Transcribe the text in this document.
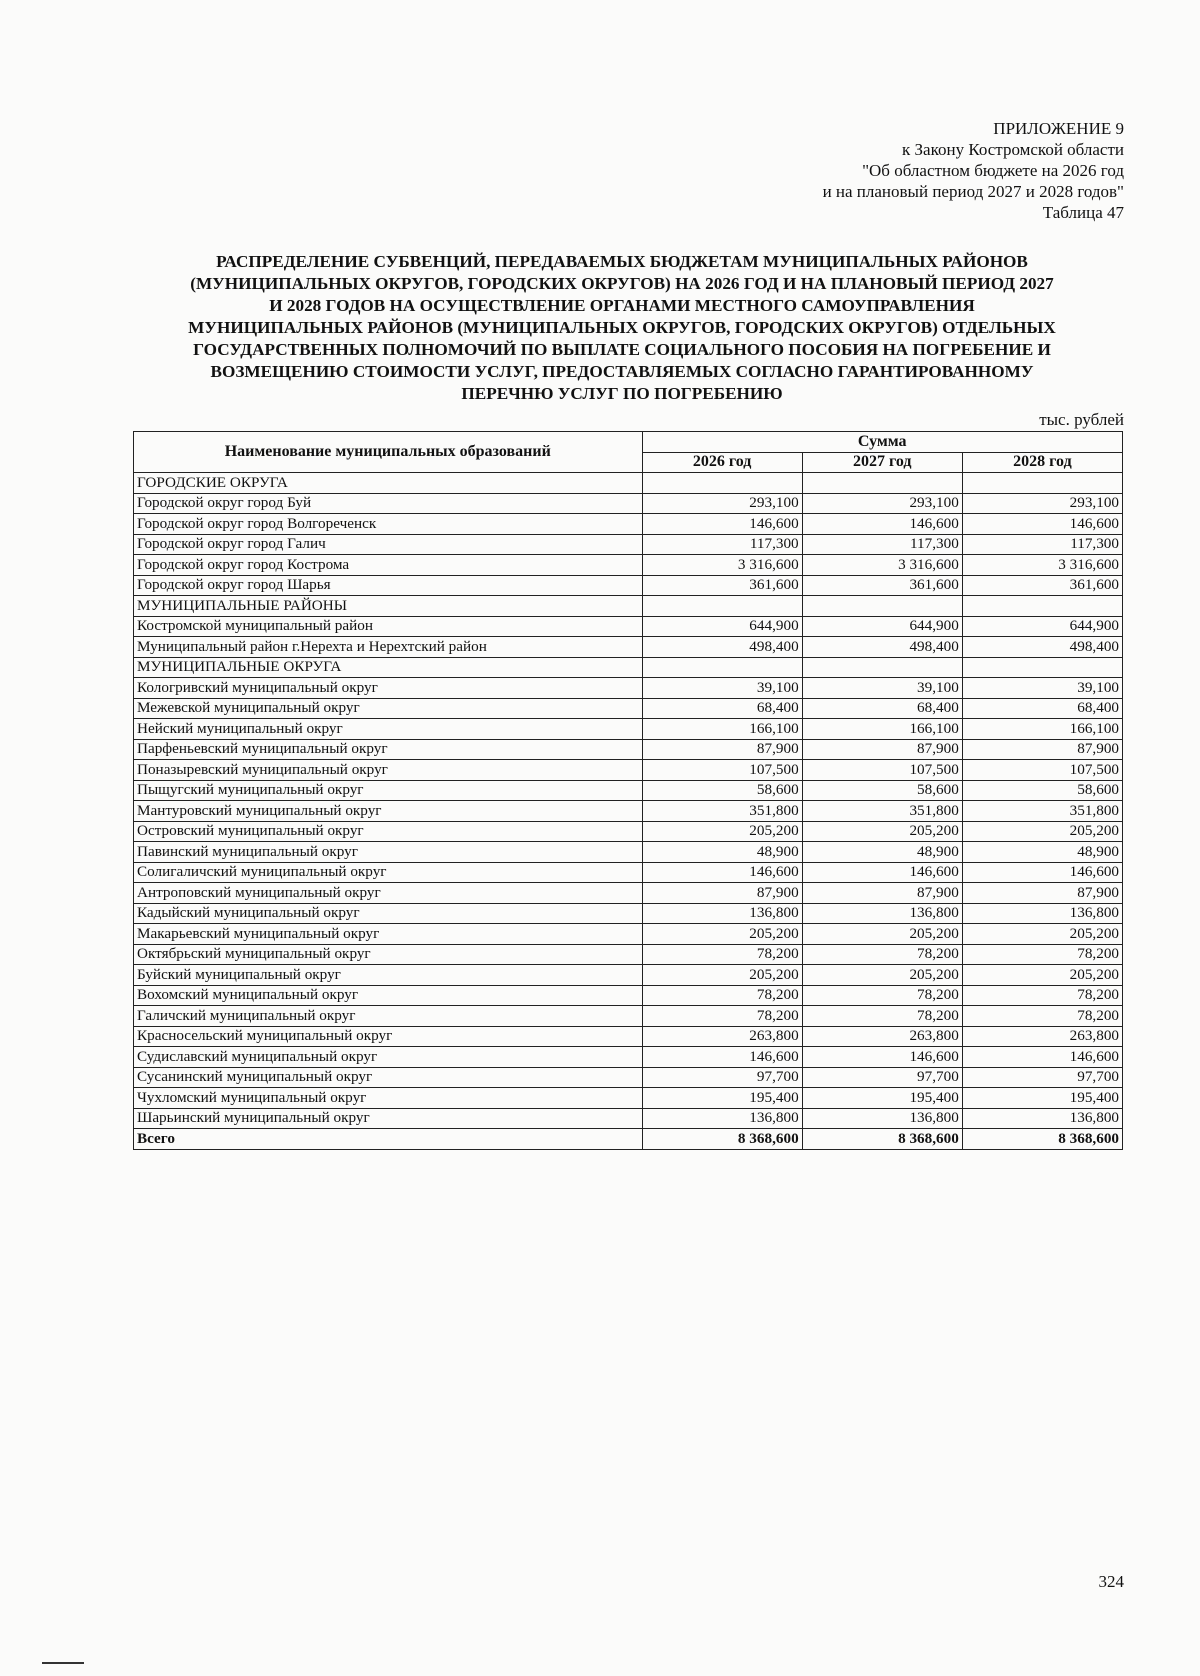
ПРИЛОЖЕНИЕ 9
к Закону Костромской области
"Об областном бюджете на 2026 год
и на плановый период 2027 и 2028 годов"
Таблица 47
РАСПРЕДЕЛЕНИЕ СУБВЕНЦИЙ, ПЕРЕДАВАЕМЫХ БЮДЖЕТАМ МУНИЦИПАЛЬНЫХ РАЙОНОВ
(МУНИЦИПАЛЬНЫХ ОКРУГОВ, ГОРОДСКИХ ОКРУГОВ) НА 2026 ГОД И НА ПЛАНОВЫЙ ПЕРИОД 2027
И 2028 ГОДОВ НА ОСУЩЕСТВЛЕНИЕ ОРГАНАМИ МЕСТНОГО САМОУПРАВЛЕНИЯ
МУНИЦИПАЛЬНЫХ РАЙОНОВ (МУНИЦИПАЛЬНЫХ ОКРУГОВ, ГОРОДСКИХ ОКРУГОВ) ОТДЕЛЬНЫХ
ГОСУДАРСТВЕННЫХ ПОЛНОМОЧИЙ ПО ВЫПЛАТЕ СОЦИАЛЬНОГО ПОСОБИЯ НА ПОГРЕБЕНИЕ И
ВОЗМЕЩЕНИЮ СТОИМОСТИ УСЛУГ, ПРЕДОСТАВЛЯЕМЫХ СОГЛАСНО ГАРАНТИРОВАННОМУ
ПЕРЕЧНЮ УСЛУГ ПО ПОГРЕБЕНИЮ
тыс. рублей
Наименование муниципальных образований	Сумма		
	2026 год	2027 год	2028 год
ГОРОДСКИЕ ОКРУГА			
Городской округ город Буй	293,100	293,100	293,100
Городской округ город Волгореченск	146,600	146,600	146,600
Городской округ город Галич	117,300	117,300	117,300
Городской округ город Кострома	3 316,600	3 316,600	3 316,600
Городской округ город Шарья	361,600	361,600	361,600
МУНИЦИПАЛЬНЫЕ РАЙОНЫ			
Костромской муниципальный район	644,900	644,900	644,900
Муниципальный район г.Нерехта и Нерехтский район	498,400	498,400	498,400
МУНИЦИПАЛЬНЫЕ ОКРУГА			
Кологривский муниципальный округ	39,100	39,100	39,100
Межевской муниципальный округ	68,400	68,400	68,400
Нейский муниципальный округ	166,100	166,100	166,100
Парфеньевский муниципальный округ	87,900	87,900	87,900
Поназыревский муниципальный округ	107,500	107,500	107,500
Пыщугский муниципальный округ	58,600	58,600	58,600
Мантуровский муниципальный округ	351,800	351,800	351,800
Островский муниципальный округ	205,200	205,200	205,200
Павинский муниципальный округ	48,900	48,900	48,900
Солигаличский муниципальный округ	146,600	146,600	146,600
Антроповский муниципальный округ	87,900	87,900	87,900
Кадыйский муниципальный округ	136,800	136,800	136,800
Макарьевский муниципальный округ	205,200	205,200	205,200
Октябрьский муниципальный округ	78,200	78,200	78,200
Буйский муниципальный округ	205,200	205,200	205,200
Вохомский муниципальный округ	78,200	78,200	78,200
Галичский муниципальный округ	78,200	78,200	78,200
Красносельский муниципальный округ	263,800	263,800	263,800
Судиславский муниципальный округ	146,600	146,600	146,600
Сусанинский муниципальный округ	97,700	97,700	97,700
Чухломский муниципальный округ	195,400	195,400	195,400
Шарьинский муниципальный округ	136,800	136,800	136,800
Всего	8 368,600	8 368,600	8 368,600
324
